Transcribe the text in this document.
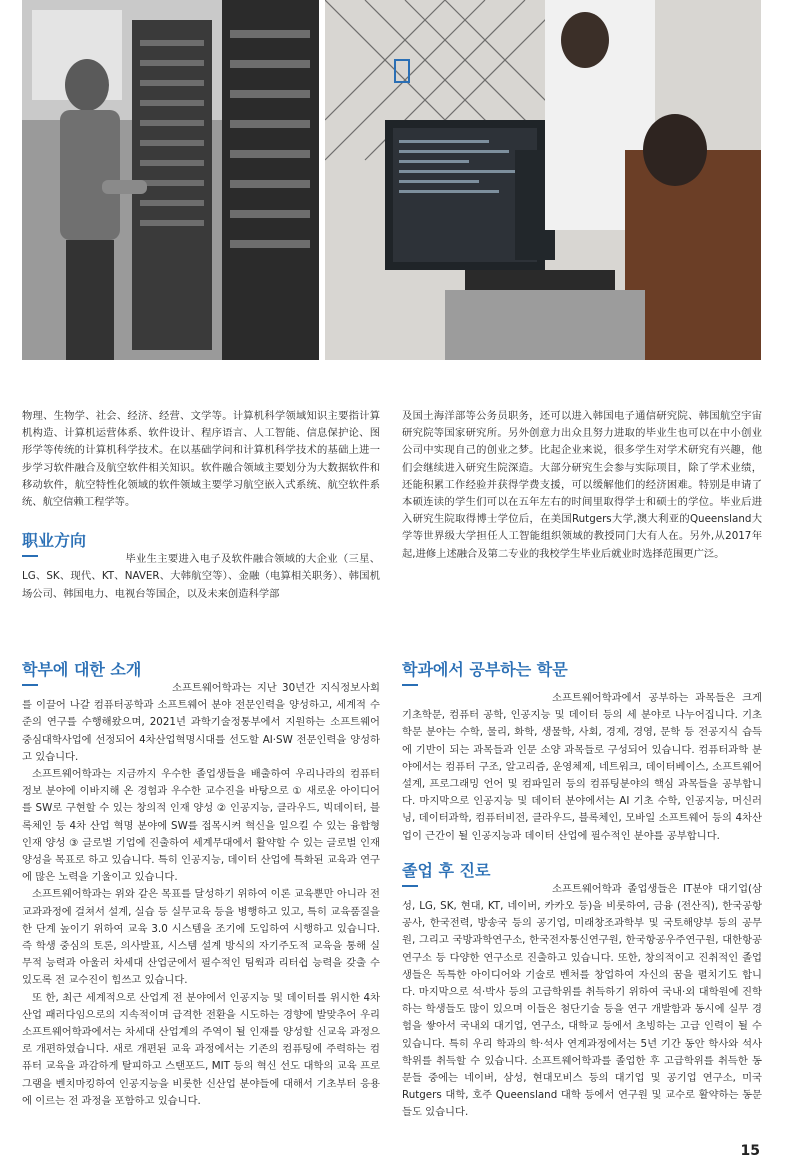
物理、生物学、社会、经济、经营、文学等。计算机科学领域知识主要指计算机构造、计算机运营体系、软件设计、程序语言、人工智能、信息保护论、图形学等传统的计算机科学技术。在以基础学问和计算机科学技术的基础上进一步学习软件融合及航空软件相关知识。软件融合领域主要划分为大数据软件和移动软件，航空特性化领域的软件领域主要学习航空嵌入式系统、航空软件系统、航空信赖工程学等。
职业方向
毕业生主要进入电子及软件融合领域的大企业（三星、LG、SK、现代、KT、NAVER、大韩航空等）、金融（电算相关职务）、韩国机场公司、韩国电力、电视台等国企，以及未来创造科学部
及国土海洋部等公务员职务，还可以进入韩国电子通信研究院、韩国航空宇宙研究院等国家研究所。另外创意力出众且努力进取的毕业生也可以在中小创业公司中实现自己的创业之梦。比起企业来说，很多学生对学术研究有兴趣，他们会继续进入研究生院深造。大部分研究生会参与实际项目，除了学术业绩，还能积累工作经验并获得学费支援，可以缓解他们的经济困难。特别是申请了本硕连读的学生们可以在五年左右的时间里取得学士和硕士的学位。毕业后进入研究生院取得博士学位后，在美国Rutgers大学,澳大利亚的Queensland大学等世界级大学担任人工智能组织领域的教授同门大有人在。另外,从2017年起,进修上述融合及第二专业的我校学生毕业后就业时选择范围更广泛。
학부에 대한 소개

소프트웨어학과는 지난 30년간 지식정보사회를 이끌어 나갈 컴퓨터공학과 소프트웨어 분야 전문인력을 양성하고, 세계적 수준의 연구를 수행해왔으며, 2021년 과학기술정통부에서 지원하는 소프트웨어 중심대학사업에 선정되어 4차산업혁명시대를 선도할 AI·SW 전문인력을 양성하고 있습니다.

소프트웨어학과는 지금까지 우수한 졸업생들을 배출하여 우리나라의 컴퓨터 정보 분야에 이바지해 온 경험과 우수한 교수진을 바탕으로 ① 새로운 아이디어를 SW로 구현할 수 있는 창의적 인재 양성 ② 인공지능, 클라우드, 빅데이터, 블록체인 등 4차 산업 혁명 분야에 SW를 접목시켜 혁신을 일으킬 수 있는 융합형 인재 양성 ③ 글로벌 기업에 진출하여 세계무대에서 활약할 수 있는 글로벌 인재 양성을 목표로 하고 있습니다. 특히 인공지능, 데이터 산업에 특화된 교육과 연구에 많은 노력을 기울이고 있습니다.

소프트웨어학과는 위와 같은 목표를 달성하기 위하여 이론 교육뿐만 아니라 전 교과과정에 걸쳐서 설계, 실습 등 실무교육 등을 병행하고 있고, 특히 교육품질을 한 단계 높이기 위하여 교육 3.0 시스템을 조기에 도입하여 시행하고 있습니다. 즉 학생 중심의 토론, 의사발표, 시스템 설계 방식의 자기주도적 교육을 통해 실무적 능력과 아울러 차세대 산업군에서 필수적인 팀웍과 리터쉽 능력을 갖출 수 있도록 전 교수진이 힘쓰고 있습니다.

또 한, 최근 세계적으로 산업계 전 분야에서 인공지능 및 데이터를 위시한 4차 산업 패러다임으로의 지속적이며 급격한 전환을 시도하는 경향에 발맞추어 우리 소프트웨어학과에서는 차세대 산업계의 주역이 될 인재를 양성할 신교육 과정으로 개편하였습니다. 새로 개편된 교육 과정에서는 기존의 컴퓨팅에 주력하는 컴퓨터 교육을 과감하게 탈피하고 스탠포드, MIT 등의 혁신 선도 대학의 교육 프로그램을 벤치마킹하여 인공지능을 비롯한 신산업 분야들에 대해서 기초부터 응용에 이르는 전 과정을 포함하고 있습니다.

학과에서 공부하는 학문
소프트웨어학과에서 공부하는 과목들은 크게 기초학문, 컴퓨터 공학, 인공지능 및 데이터 등의 세 분야로 나누어집니다. 기초학문 분야는 수학, 물리, 화학, 생물학, 사회, 경제, 경영, 문학 등 전공지식 습득에 기반이 되는 과목들과 인문 소양 과목들로 구성되어 있습니다. 컴퓨터과학 분야에서는 컴퓨터 구조, 알고리즘, 운영체제, 네트워크, 데이터베이스, 소프트웨어 설계, 프로그래밍 언어 및 컴파일러 등의 컴퓨팅분야의 핵심 과목들을 공부합니다. 마지막으로 인공지능 및 데이터 분야에서는 AI 기초 수학, 인공지능, 머신러닝, 데이터과학, 컴퓨터비전, 클라우드, 블록체인, 모바일 소프트웨어 등의 4차산업이 근간이 될 인공지능과 데이터 산업에 필수적인 분야를 공부합니다.
졸업 후 진로
소프트웨어학과 졸업생들은 IT분야 대기업(삼성, LG, SK, 현대, KT, 네이버, 카카오 등)을 비롯하여, 금융 (전산직), 한국공항공사, 한국전력, 방송국 등의 공기업, 미래창조과학부 및 국토해양부 등의 공무원, 그리고 국방과학연구소, 한국전자통신연구원, 한국항공우주연구원, 대한항공연구소 등 다양한 연구소로 진출하고 있습니다. 또한, 창의적이고 진취적인 졸업생들은 독특한 아이디어와 기술로 벤처를 창업하여 자신의 꿈을 펼치기도 합니다. 마지막으로 석·박사 등의 고급학위를 취득하기 위하여 국내·외 대학원에 진학하는 학생들도 많이 있으며 이들은 첨단기술 등을 연구 개발함과 동시에 실무 경험을 쌓아서 국내외 대기업, 연구소, 대학교 등에서 초빙하는 고급 인력이 될 수 있습니다. 특히 우리 학과의 학·석사 연계과정에서는 5년 기간 동안 학사와 석사학위를 취득할 수 있습니다. 소프트웨어학과를 졸업한 후 고급학위를 취득한 동문들 중에는 네이버, 삼성, 현대모비스 등의 대기업 및 공기업 연구소, 미국 Rutgers 대학, 호주 Queensland 대학 등에서 연구원 및 교수로 활약하는 동문들도 있습니다.
15
